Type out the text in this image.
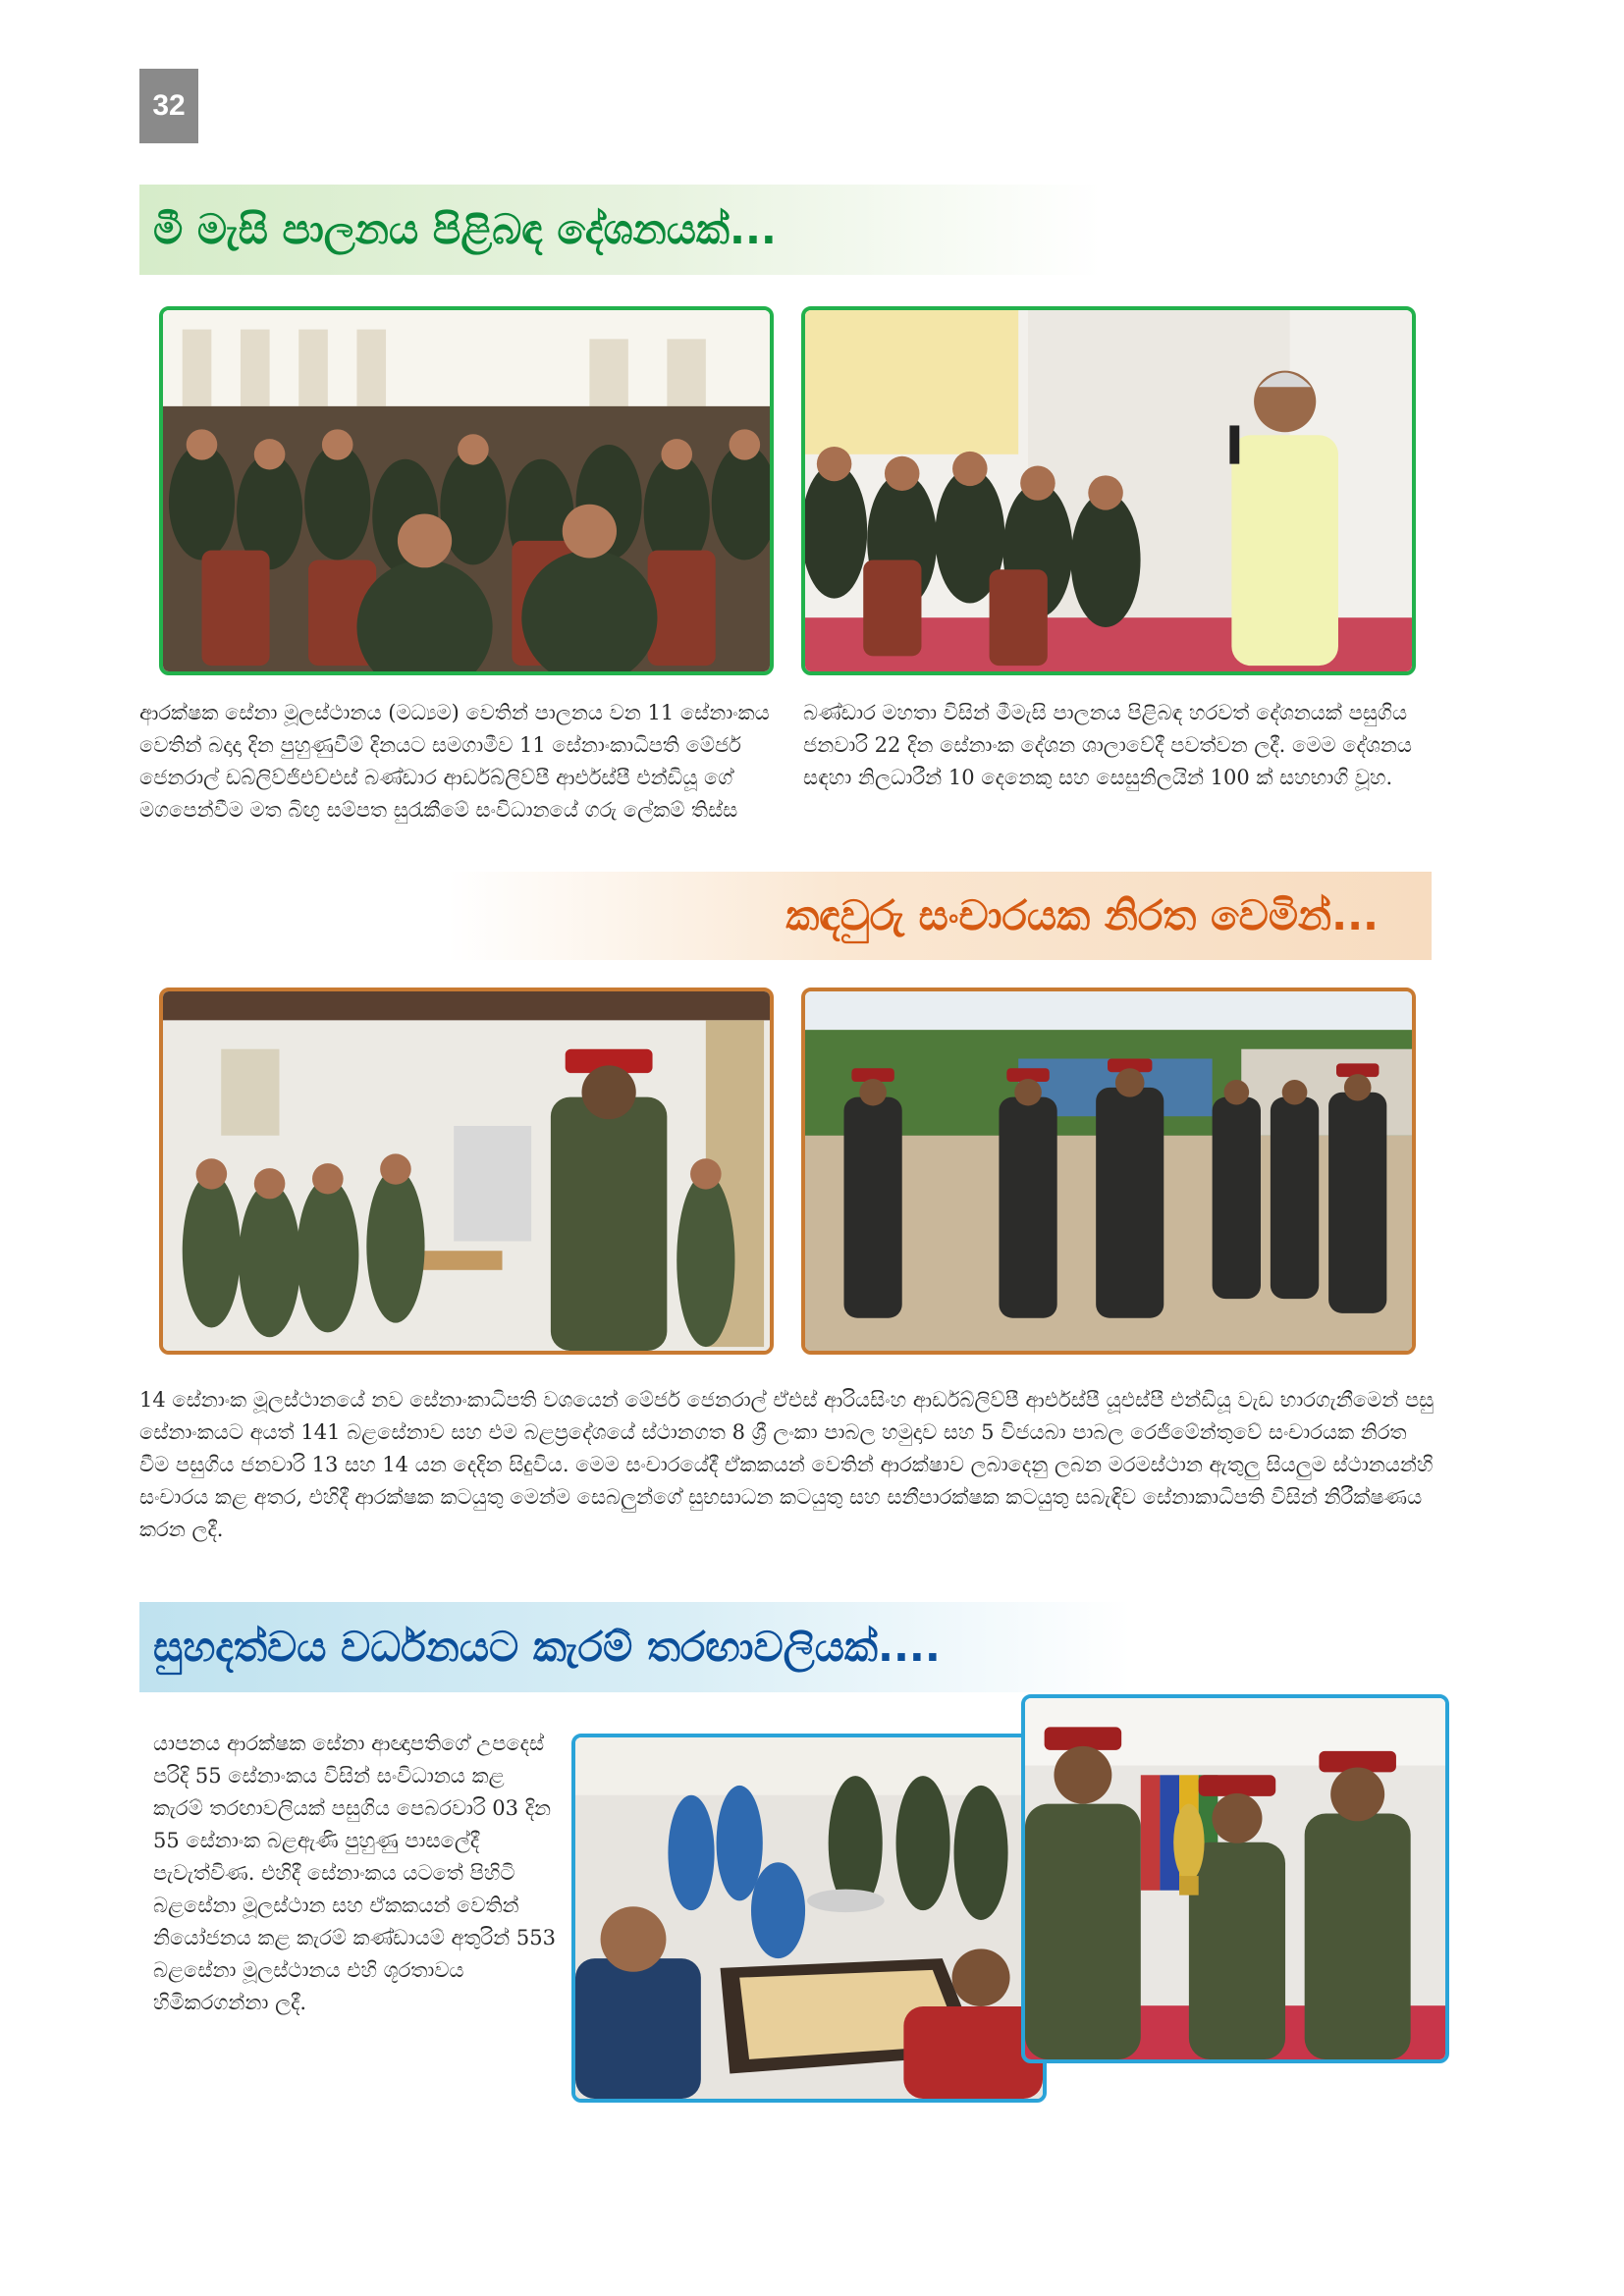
32
මී මැසි පාලනය පිළිබඳ දේශනයක්...

ආරක්ෂක සේනා මූලස්ථානය (මධ්‍යම) වෙතින් පාලනය වන 11 සේනාංකය වෙතින් බදාදා දින පුහුණුවීම් දිනයට සමගාමීව 11 සේනාංකාධිපති මේජර් ජෙනරාල් ඩබ්ලිව්ජිඑච්එස් බණ්ඩාර ආර්ඩබ්ලිව්පී ආර්එස්පී එන්ඩියූ ගේ මගපෙන්වීම මත බිඟු සම්පත සුරැකීමේ සංවිධානයේ ගරු ලේකම් තිස්ස

බණ්ඩාර මහතා විසින් මීමැසි පාලනය පිළිබඳ හරවත් දේශනයක් පසුගිය ජනවාරි 22 දින සේනාංක දේශන ශාලාවේදී පවත්වන ලදී. මෙම දේශනය සඳහා නිලධාරීන් 10 දෙනෙකු සහ සෙසුනිලයින් 100 ක් සහභාගි වූහ.

කඳවුරු සංචාරයක නිරත වෙමින්...

14 සේනාංක මූලස්ථානයේ නව සේනාංකාධිපති වශයෙන් මේජර් ජෙනරාල් ඒඑස් ආරියසිංහ ආර්ඩබ්ලිව්පී ආර්එස්පී යූඑස්පී එන්ඩියූ වැඩ භාරගැනීමෙන් පසු සේනාංකයට අයත් 141 බළසේනාව සහ එම බළප්‍රදේශයේ ස්ථානගත 8 ශ්‍රී ලංකා පාබල හමුදාව සහ 5 විජයබා පාබල රෙජිමේන්තුවේ සංචාරයක නිරත වීම පසුගිය ජනවාරි 13 සහ 14 යන දෙදින සිදුවිය. මෙම සංචාරයේදී ඒකකයන් වෙතින් ආරක්ෂාව ලබාදෙනු ලබන මරමස්ථාන ඇතුලු සියලුම ස්ථානයන්හි සංචාරය කළ අතර, එහිදී ආරක්ෂක කටයුතු මෙන්ම සෙබලුන්ගේ සුභසාධන කටයුතු සහ සනීපාරක්ෂක කටයුතු සබැඳිව සේනාකාධිපති විසින් නිරීක්ෂණය කරන ලදී.

සුහදත්වය වර්ධනයට කැරම් තරඟාවලියක්....

යාපනය ආරක්ෂක සේනා ආඥාපතිගේ උපදෙස් පරිදි 55 සේනාංකය විසින් සංවිධානය කළ කැරම් තරඟාවලියක් පසුගිය පෙබරවාරි 03 දින 55 සේනාංක බළඇණි පුහුණු පාසලේදී පැවැත්විණ. එහිදී සේනාංකය යටතේ පිහිටි බළසේනා මූලස්ථාන සහ ඒකකයන් වෙතින් නියෝජනය කළ කැරම් කණ්ඩායම් අතුරින් 553 බළසේනා මූලස්ථානය එහි ශූරතාවය හිමිකරගන්නා ලදී.
